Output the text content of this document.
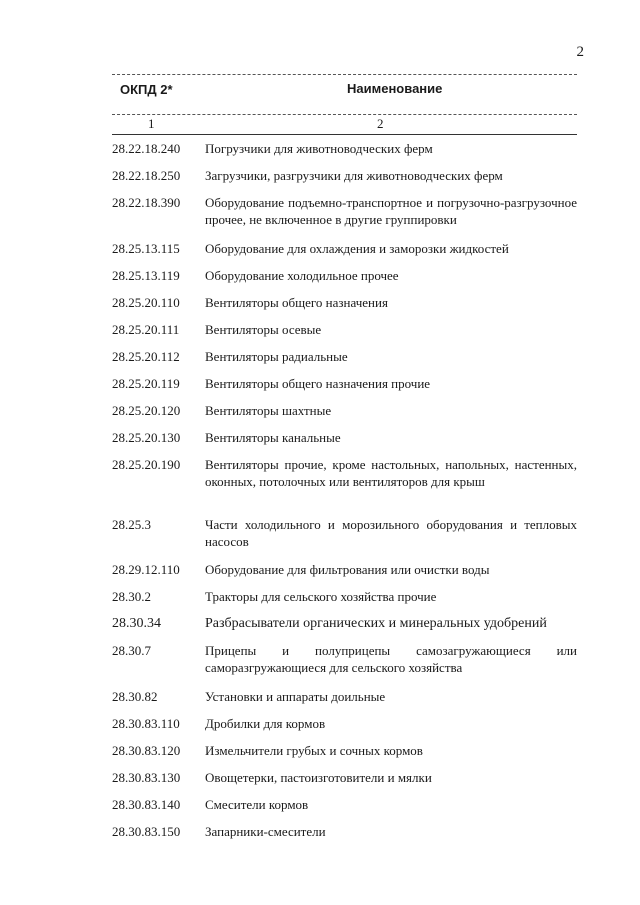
2
ОКПД 2*	Наименование
1	2
28.22.18.240	Погрузчики для животноводческих ферм
28.22.18.250	Загрузчики, разгрузчики для животноводческих ферм
28.22.18.390	Оборудование подъемно-транспортное и погрузочно-разгрузочное прочее, не включенное в другие группировки
28.25.13.115	Оборудование для охлаждения и заморозки жидкостей
28.25.13.119	Оборудование холодильное прочее
28.25.20.110	Вентиляторы общего назначения
28.25.20.111	Вентиляторы осевые
28.25.20.112	Вентиляторы радиальные
28.25.20.119	Вентиляторы общего назначения прочие
28.25.20.120	Вентиляторы шахтные
28.25.20.130	Вентиляторы канальные
28.25.20.190	Вентиляторы прочие, кроме настольных, напольных, настенных, оконных, потолочных или вентиляторов для крыш
28.25.3	Части холодильного и морозильного оборудования и тепловых насосов
28.29.12.110	Оборудование для фильтрования или очистки воды
28.30.2	Тракторы для сельского хозяйства прочие
28.30.34	Разбрасыватели органических и минеральных удобрений
28.30.7	Прицепы и полуприцепы самозагружающиеся или саморазгружающиеся для сельского хозяйства
28.30.82	Установки и аппараты доильные
28.30.83.110	Дробилки для кормов
28.30.83.120	Измельчители грубых и сочных кормов
28.30.83.130	Овощетерки, пастоизготовители и мялки
28.30.83.140	Смесители кормов
28.30.83.150	Запарники-смесители
